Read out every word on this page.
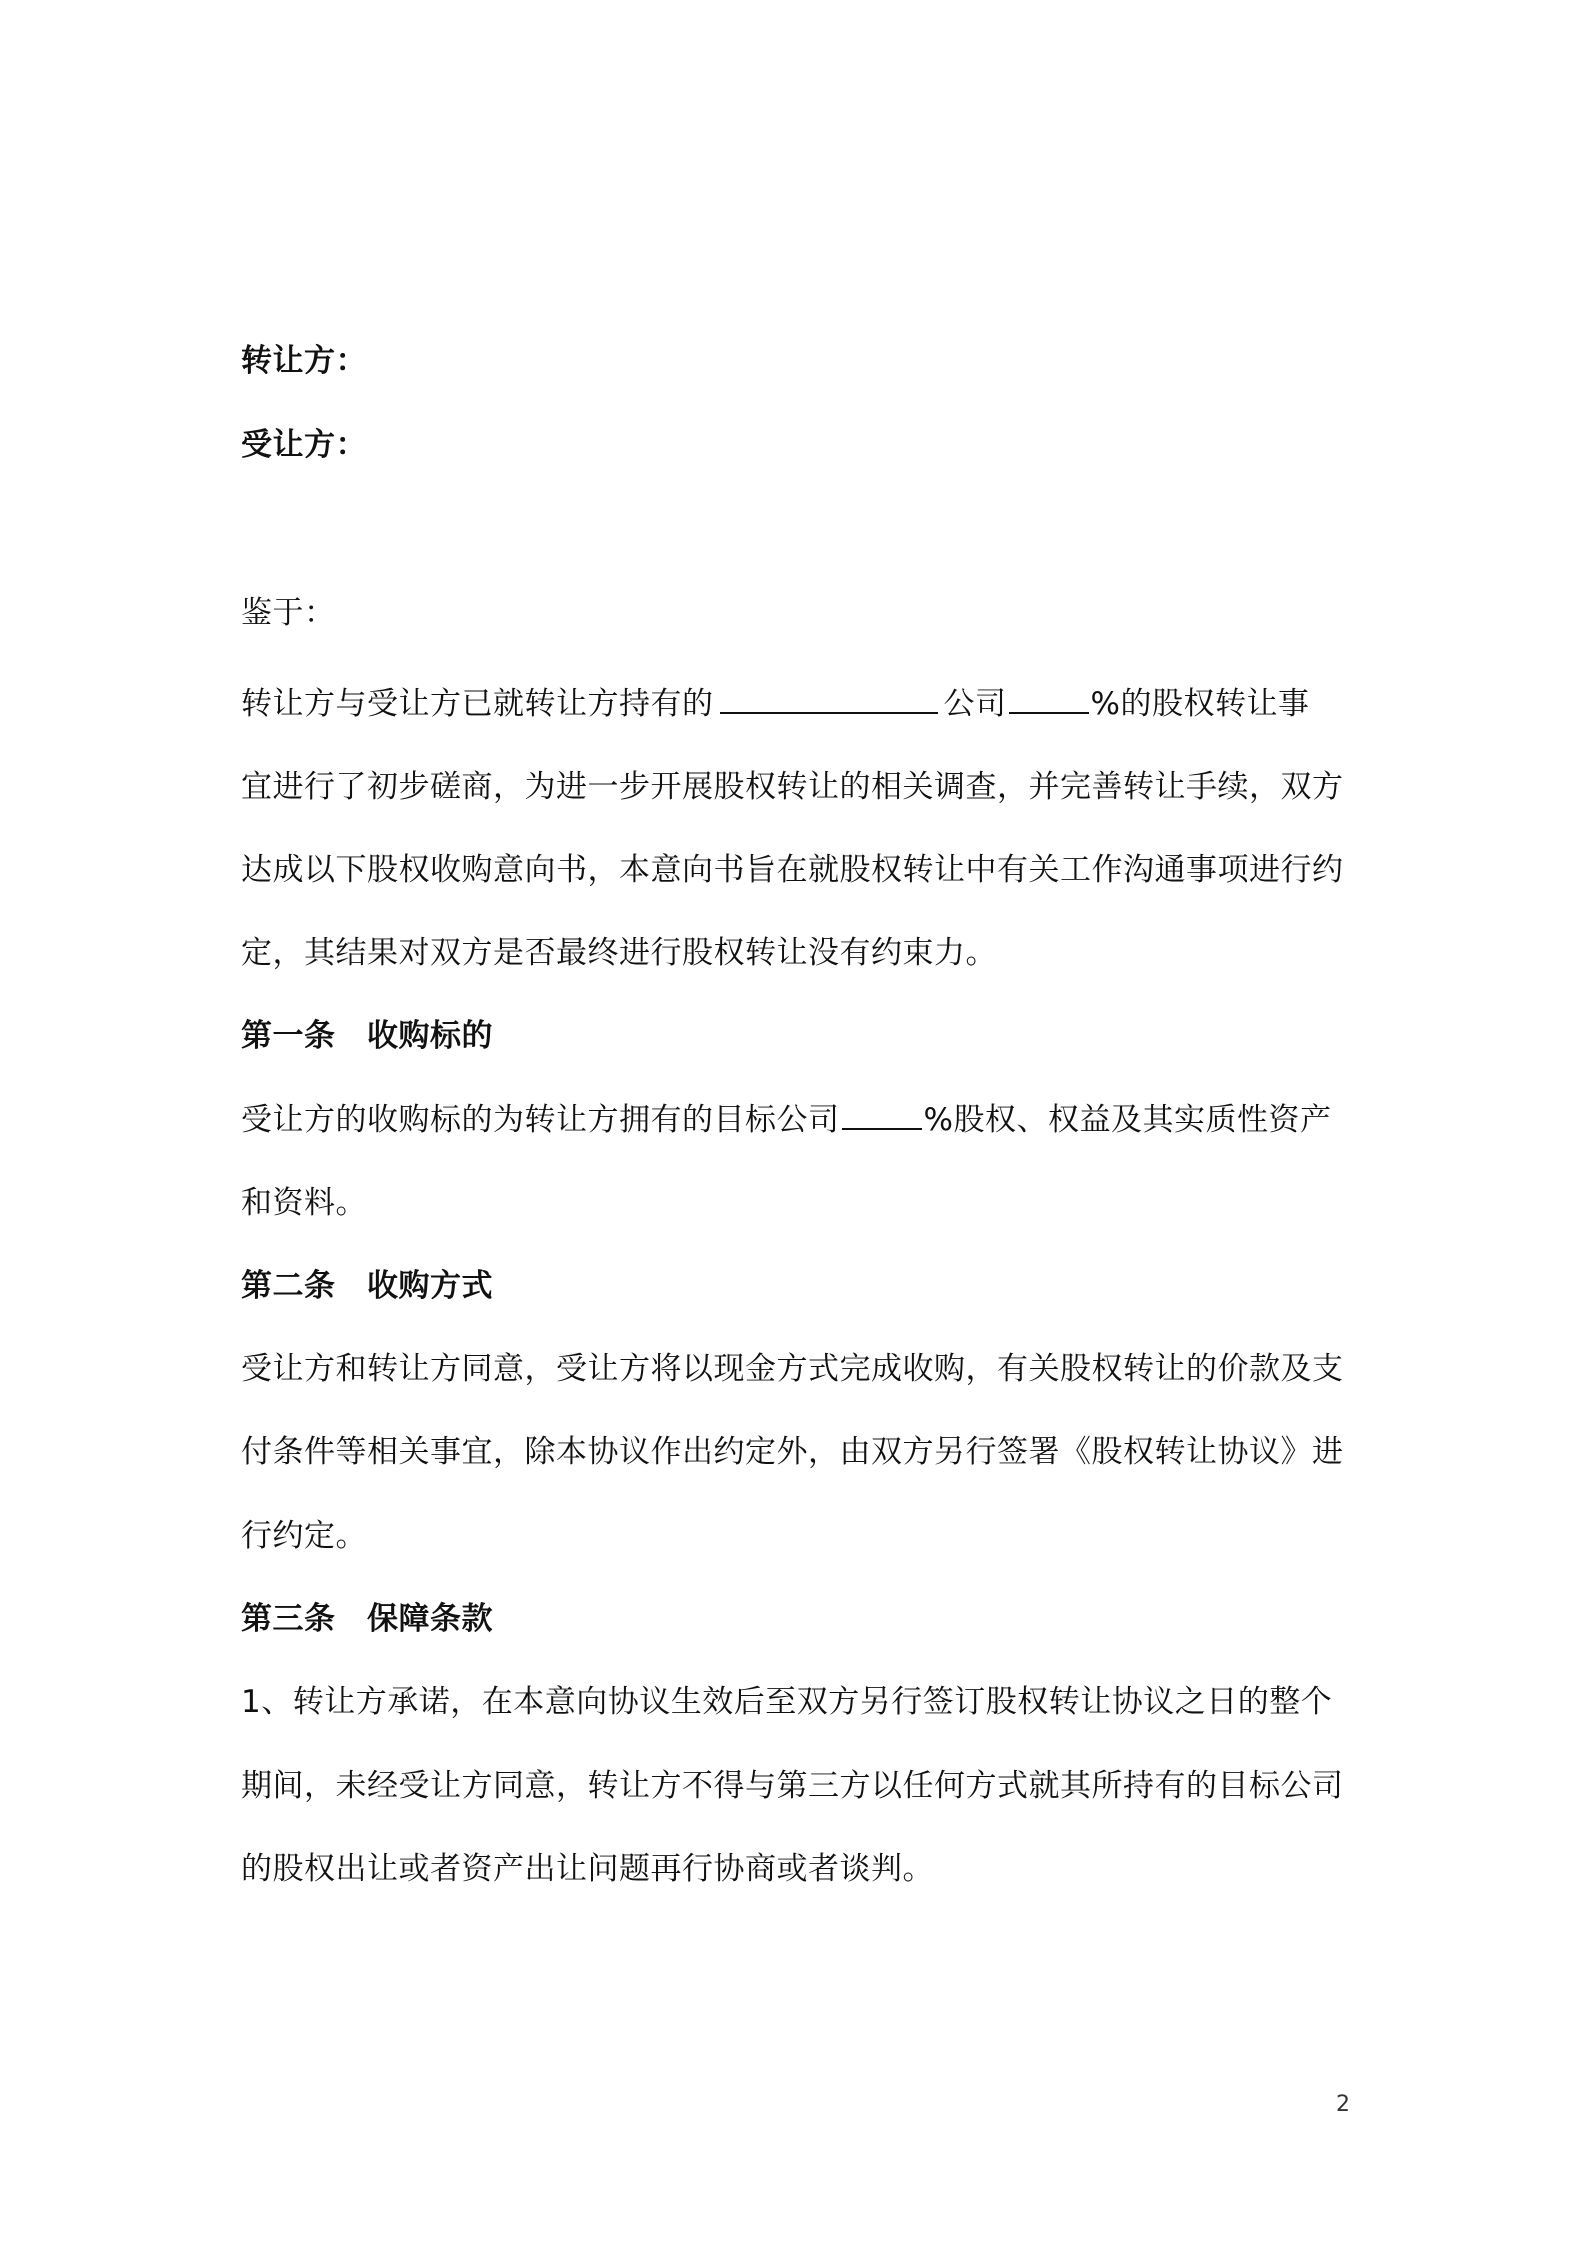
转让方：
受让方：
鉴于：
转让方与受让方已就转让方持有的	公司	%的股权转让事
宜进行了初步磋商，为进一步开展股权转让的相关调查，并完善转让手续，双方
达成以下股权收购意向书，本意向书旨在就股权转让中有关工作沟通事项进行约
定，其结果对双方是否最终进行股权转让没有约束力。
第一条　收购标的
受让方的收购标的为转让方拥有的目标公司	%股权、权益及其实质性资产
和资料。
第二条　收购方式
受让方和转让方同意，受让方将以现金方式完成收购，有关股权转让的价款及支
付条件等相关事宜，除本协议作出约定外，由双方另行签署《股权转让协议》进
行约定。
第三条　保障条款
1、转让方承诺，在本意向协议生效后至双方另行签订股权转让协议之日的整个
期间，未经受让方同意，转让方不得与第三方以任何方式就其所持有的目标公司
的股权出让或者资产出让问题再行协商或者谈判。
2
